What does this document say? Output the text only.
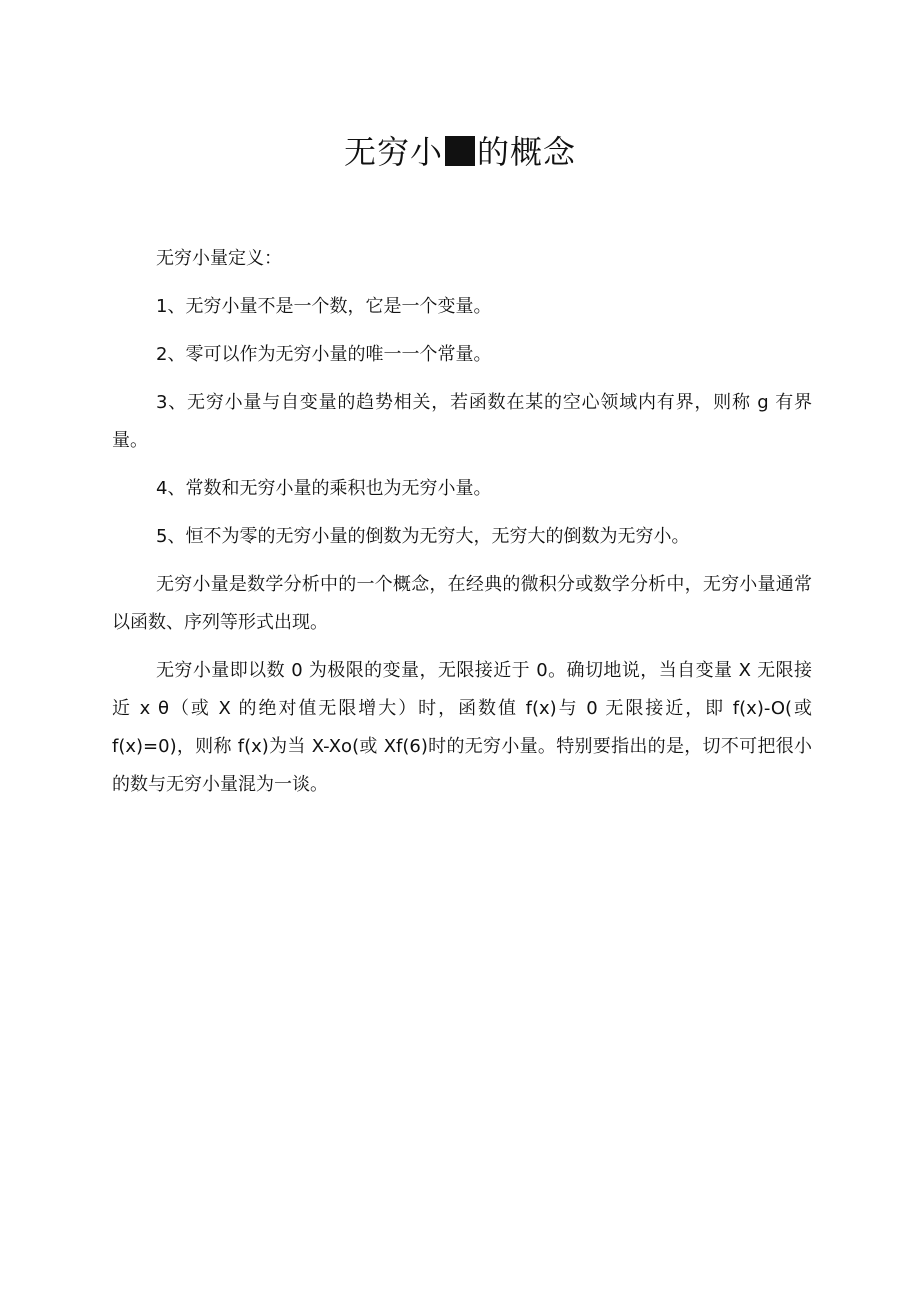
无穷小 的概念

无穷小量定义：

1、无穷小量不是一个数，它是一个变量。

2、零可以作为无穷小量的唯一一个常量。

3、无穷小量与自变量的趋势相关，若函数在某的空心领域内有界，则称 g 有界量。

4、常数和无穷小量的乘积也为无穷小量。

5、恒不为零的无穷小量的倒数为无穷大，无穷大的倒数为无穷小。

无穷小量是数学分析中的一个概念，在经典的微积分或数学分析中，无穷小量通常以函数、序列等形式出现。

无穷小量即以数 0 为极限的变量，无限接近于 0。确切地说，当自变量 X 无限接近 x θ（或 X 的绝对值无限增大）时，函数值 f(x)与 0 无限接近，即 f(x)-O(或 f(x)=0)，则称 f(x)为当 X-Xo(或 Xf(6)时的无穷小量。特别要指出的是，切不可把很小的数与无穷小量混为一谈。
